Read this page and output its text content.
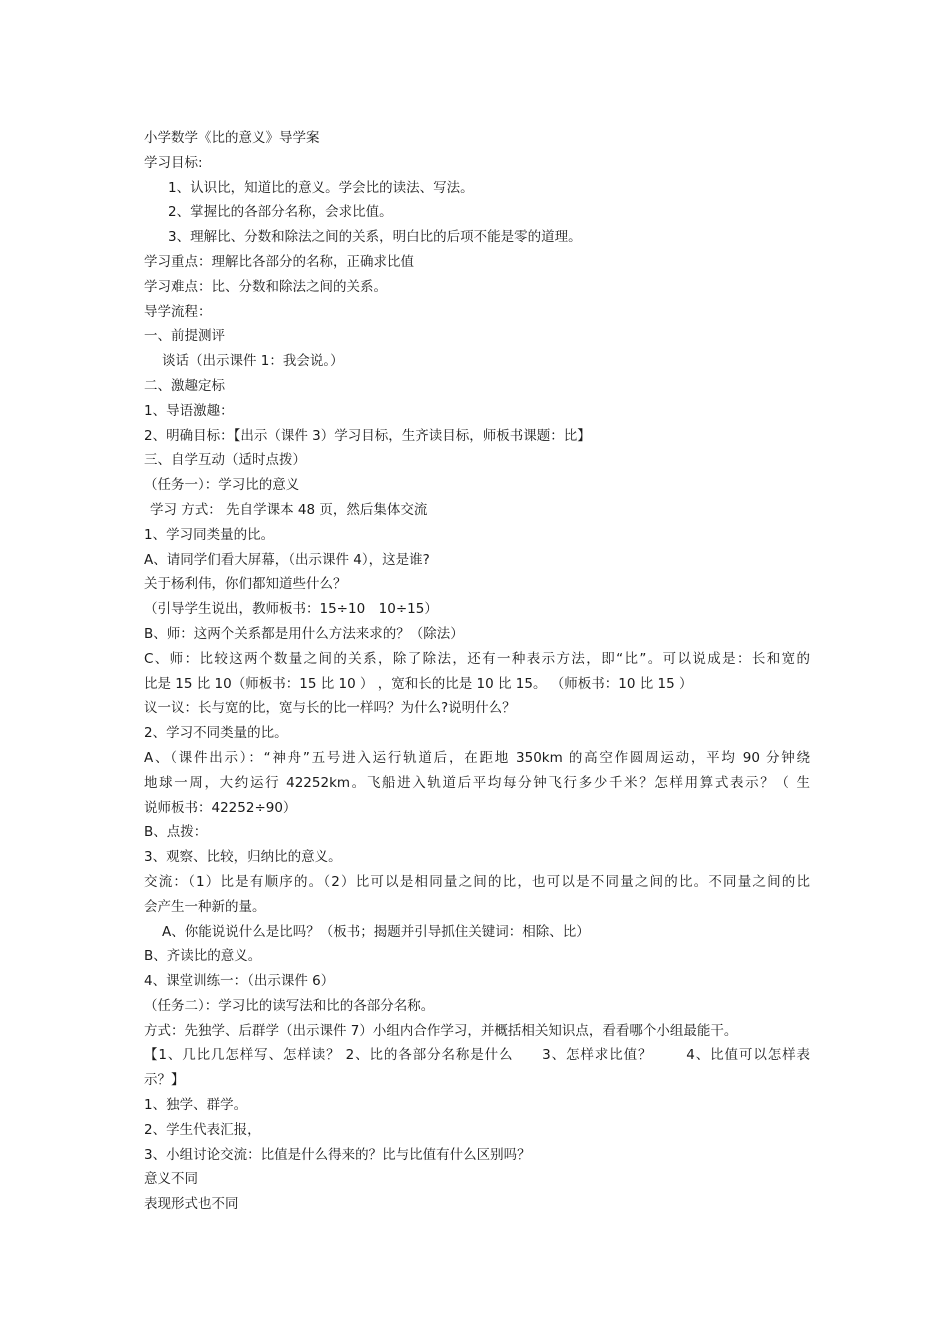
小学数学《比的意义》导学案
学习目标:
1、认识比，知道比的意义。学会比的读法、写法。
2、掌握比的各部分名称，会求比值。
3、理解比、分数和除法之间的关系，明白比的后项不能是零的道理。
学习重点：理解比各部分的名称，正确求比值
学习难点：比、分数和除法之间的关系。
导学流程：
一、前提测评
谈话（出示课件 1：我会说。）
二、激趣定标
1、导语激趣：
2、明确目标：【出示（课件 3）学习目标，生齐读目标，师板书课题：比】
三、自学互动（适时点拨）
（任务一）：学习比的意义
学习 方式： 先自学课本 48 页，然后集体交流
1、学习同类量的比。
A、请同学们看大屏幕，（出示课件 4），这是谁?
关于杨利伟，你们都知道些什么？
（引导学生说出，教师板书：15÷10　10÷15）
B、师：这两个关系都是用什么方法来求的？（除法）
C、师：比较这两个数量之间的关系，除了除法，还有一种表示方法，即“比”。可以说成是：长和宽的
比是 15 比 10（师板书：15 比 10 ） ，宽和长的比是 10 比 15。 （师板书：10 比 15 ）
议一议：长与宽的比，宽与长的比一样吗？为什么?说明什么？
2、学习不同类量的比。
A、（课件出示）：“神舟”五号进入运行轨道后，在距地 350km 的高空作圆周运动，平均 90 分钟绕
地球一周，大约运行 42252km。飞船进入轨道后平均每分钟飞行多少千米？怎样用算式表示？（ 生
说师板书：42252÷90）
B、点拨：
3、观察、比较，归纳比的意义。
交流：（1）比是有顺序的。（2）比可以是相同量之间的比，也可以是不同量之间的比。不同量之间的比
会产生一种新的量。
A、你能说说什么是比吗？（板书；揭题并引导抓住关键词：相除、比）
B、齐读比的意义。
4、课堂训练一：（出示课件 6）
（任务二）：学习比的读写法和比的各部分名称。
方式：先独学、后群学（出示课件 7）小组内合作学习，并概括相关知识点，看看哪个小组最能干。
【1、几比几怎样写、怎样读？ 2、比的各部分名称是什么　　3、怎样求比值？　　 4、比值可以怎样表
示？】
1、独学、群学。
2、学生代表汇报，
3、小组讨论交流：比值是什么得来的？比与比值有什么区别吗？
意义不同
表现形式也不同
